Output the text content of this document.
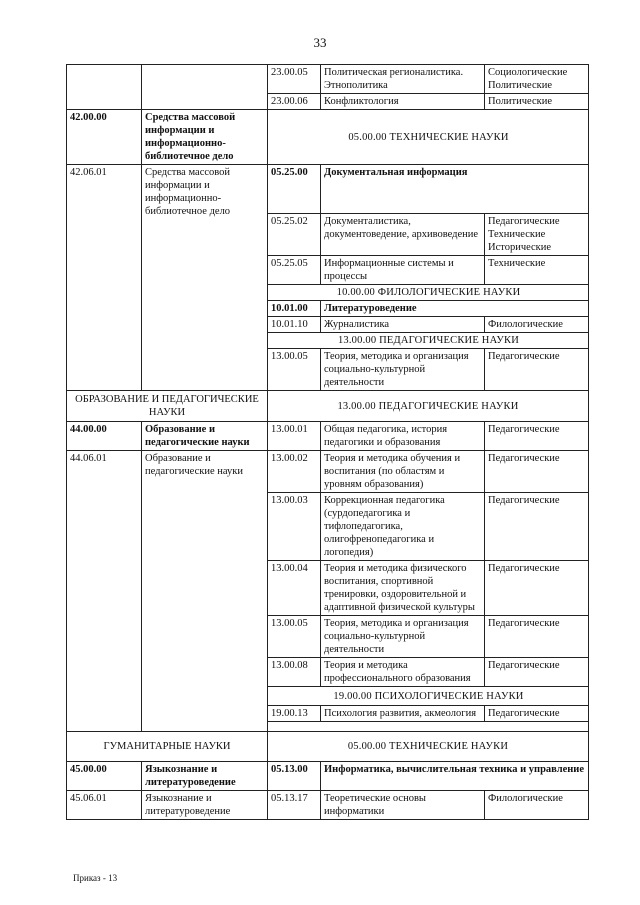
33
		23.00.05	Политическая регионалистика. Этнополитика	Социологические Политические
		23.00.06	Конфликтология	Политические
42.00.00	Средства массовой информации и информационно-библиотечное дело	05.00.00 ТЕХНИЧЕСКИЕ НАУКИ		
42.06.01	Средства массовой информации и информационно-библиотечное дело	05.25.00	Документальная информация	
		05.25.02	Документалистика, документоведение, архивоведение	Педагогические Технические Исторические
		05.25.05	Информационные системы и процессы	Технические
		10.00.00 ФИЛОЛОГИЧЕСКИЕ НАУКИ		
		10.01.00	Литературоведение	
		10.01.10	Журналистика	Филологические
		13.00.00 ПЕДАГОГИЧЕСКИЕ НАУКИ		
		13.00.05	Теория, методика и организация социально-культурной деятельности	Педагогические
ОБРАЗОВАНИЕ И ПЕДАГОГИЧЕСКИЕ НАУКИ		13.00.00 ПЕДАГОГИЧЕСКИЕ НАУКИ		
44.00.00	Образование и педагогические науки	13.00.01	Общая педагогика, история педагогики и образования	Педагогические
44.06.01	Образование и педагогические науки	13.00.02	Теория и методика обучения и воспитания (по областям и уровням образования)	Педагогические
		13.00.03	Коррекционная педагогика (сурдопедагогика и тифлопедагогика, олигофренопедагогика и логопедия)	Педагогические
		13.00.04	Теория и методика физического воспитания, спортивной тренировки, оздоровительной и адаптивной физической культуры	Педагогические
		13.00.05	Теория, методика и организация социально-культурной деятельности	Педагогические
		13.00.08	Теория и методика профессионального образования	Педагогические
		19.00.00 ПСИХОЛОГИЧЕСКИЕ НАУКИ		
		19.00.13	Психология развития, акмеология	Педагогические

ГУМАНИТАРНЫЕ НАУКИ		05.00.00 ТЕХНИЧЕСКИЕ НАУКИ		
45.00.00	Языкознание и литературоведение	05.13.00	Информатика, вычислительная техника и управление	
45.06.01	Языкознание и литературоведение	05.13.17	Теоретические основы информатики	Филологические
Приказ - 13
